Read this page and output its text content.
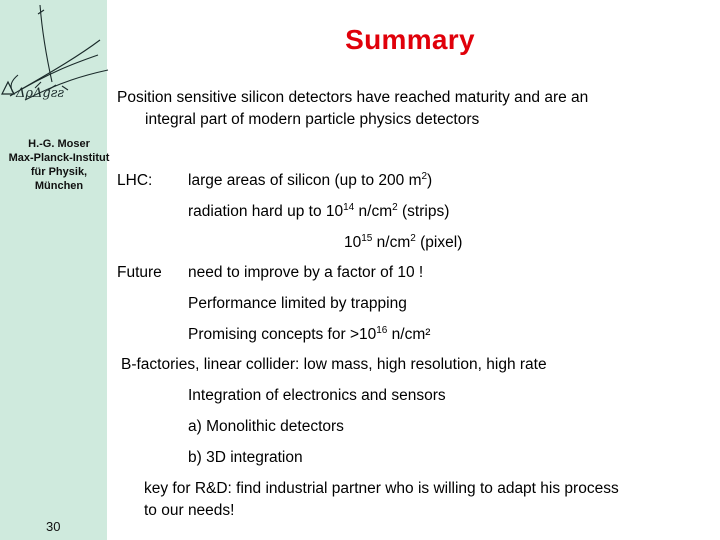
ΔρΔgƨƨ
H.-G. Moser
Max-Planck-Institut
für Physik,
München
30
Summary
Position sensitive silicon detectors have reached maturity and are an
integral part of modern particle physics detectors
LHC: large areas of silicon (up to 200 $m^2$)
radiation hard up to $10^{14}$ $n/cm^2$ (strips)
$10^{15}$ $n/cm^2$ (pixel)
Future need to improve by a factor of 10 !
Performance limited by trapping
Promising concepts for $>10^{16}$ n/cm²
B-factories, linear collider: low mass, high resolution, high rate
Integration of electronics and sensors
a) Monolithic detectors
b) 3D integration
key for R&D: find industrial partner who is willing to adapt his process
to our needs!
